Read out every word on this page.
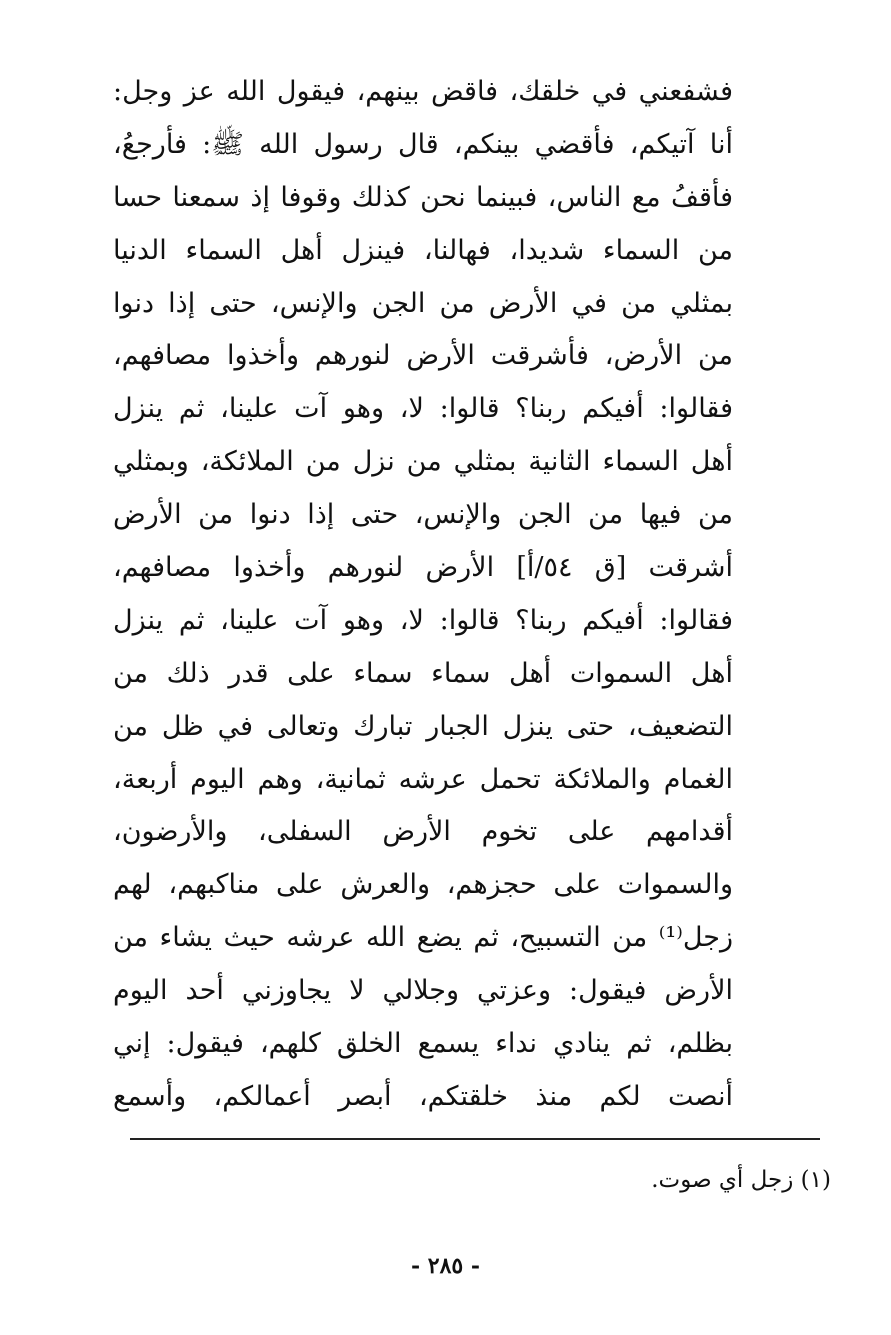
فشفعني في خلقك، فاقض بينهم، فيقول الله عز وجل:
أنا آتيكم، فأقضي بينكم، قال رسول الله ﷺ: فأرجعُ،
فأقفُ مع الناس، فبينما نحن كذلك وقوفا إذ سمعنا حسا
من السماء شديدا، فهالنا، فينزل أهل السماء الدنيا
بمثلي من في الأرض من الجن والإنس، حتى إذا دنوا
من الأرض، فأشرقت الأرض لنورهم وأخذوا مصافهم،
فقالوا: أفيكم ربنا؟ قالوا: لا، وهو آت علينا، ثم ينزل
أهل السماء الثانية بمثلي من نزل من الملائكة، وبمثلي
من فيها من الجن والإنس، حتى إذا دنوا من الأرض
أشرقت [ق ٥٤/أ] الأرض لنورهم وأخذوا مصافهم،
فقالوا: أفيكم ربنا؟ قالوا: لا، وهو آت علينا، ثم ينزل
أهل السموات أهل سماء سماء على قدر ذلك من
التضعيف، حتى ينزل الجبار تبارك وتعالى في ظل من
الغمام والملائكة تحمل عرشه ثمانية، وهم اليوم أربعة،
أقدامهم على تخوم الأرض السفلى، والأرضون،
والسموات على حجزهم، والعرش على مناكبهم، لهم
زجل⁽¹⁾ من التسبيح، ثم يضع الله عرشه حيث يشاء من
الأرض فيقول: وعزتي وجلالي لا يجاوزني أحد اليوم
بظلم، ثم ينادي نداء يسمع الخلق كلهم، فيقول: إني
أنصت لكم منذ خلقتكم، أبصر أعمالكم، وأسمع
(١) زجل أي صوت.
- ٢٨٥ -
